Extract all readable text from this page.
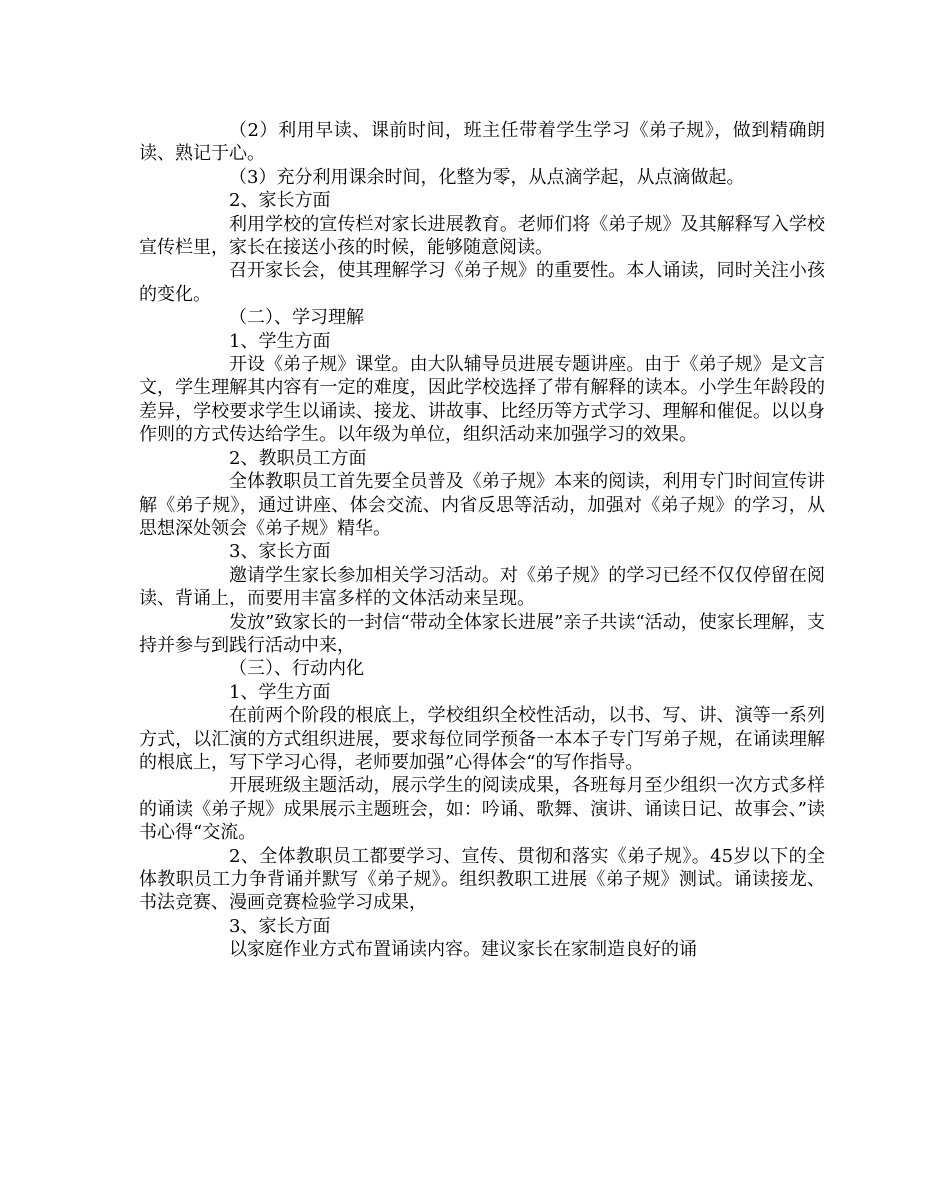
（2）利用早读、课前时间，班主任带着学生学习《弟子规》，做到精确朗读、熟记于心。

（3）充分利用课余时间，化整为零，从点滴学起，从点滴做起。

2、家长方面

利用学校的宣传栏对家长进展教育。老师们将《弟子规》及其解释写入学校宣传栏里，家长在接送小孩的时候，能够随意阅读。

召开家长会，使其理解学习《弟子规》的重要性。本人诵读，同时关注小孩的变化。

（二）、学习理解

1、学生方面

开设《弟子规》课堂。由大队辅导员进展专题讲座。由于《弟子规》是文言文，学生理解其内容有一定的难度，因此学校选择了带有解释的读本。小学生年龄段的差异，学校要求学生以诵读、接龙、讲故事、比经历等方式学习、理解和催促。以以身作则的方式传达给学生。以年级为单位，组织活动来加强学习的效果。

2、教职员工方面

全体教职员工首先要全员普及《弟子规》本来的阅读，利用专门时间宣传讲解《弟子规》，通过讲座、体会交流、内省反思等活动，加强对《弟子规》的学习，从思想深处领会《弟子规》精华。

3、家长方面

邀请学生家长参加相关学习活动。对《弟子规》的学习已经不仅仅停留在阅读、背诵上，而要用丰富多样的文体活动来呈现。

发放”致家长的一封信“带动全体家长进展”亲子共读“活动，使家长理解，支持并参与到践行活动中来，

（三）、行动内化

1、学生方面

在前两个阶段的根底上，学校组织全校性活动，以书、写、讲、演等一系列方式，以汇演的方式组织进展，要求每位同学预备一本本子专门写弟子规，在诵读理解的根底上，写下学习心得，老师要加强”心得体会“的写作指导。

开展班级主题活动，展示学生的阅读成果，各班每月至少组织一次方式多样的诵读《弟子规》成果展示主题班会，如：吟诵、歌舞、演讲、诵读日记、故事会、”读书心得“交流。

2、全体教职员工都要学习、宣传、贯彻和落实《弟子规》。45岁以下的全体教职员工力争背诵并默写《弟子规》。组织教职工进展《弟子规》测试。诵读接龙、书法竞赛、漫画竞赛检验学习成果，

3、家长方面

以家庭作业方式布置诵读内容。建议家长在家制造良好的诵
